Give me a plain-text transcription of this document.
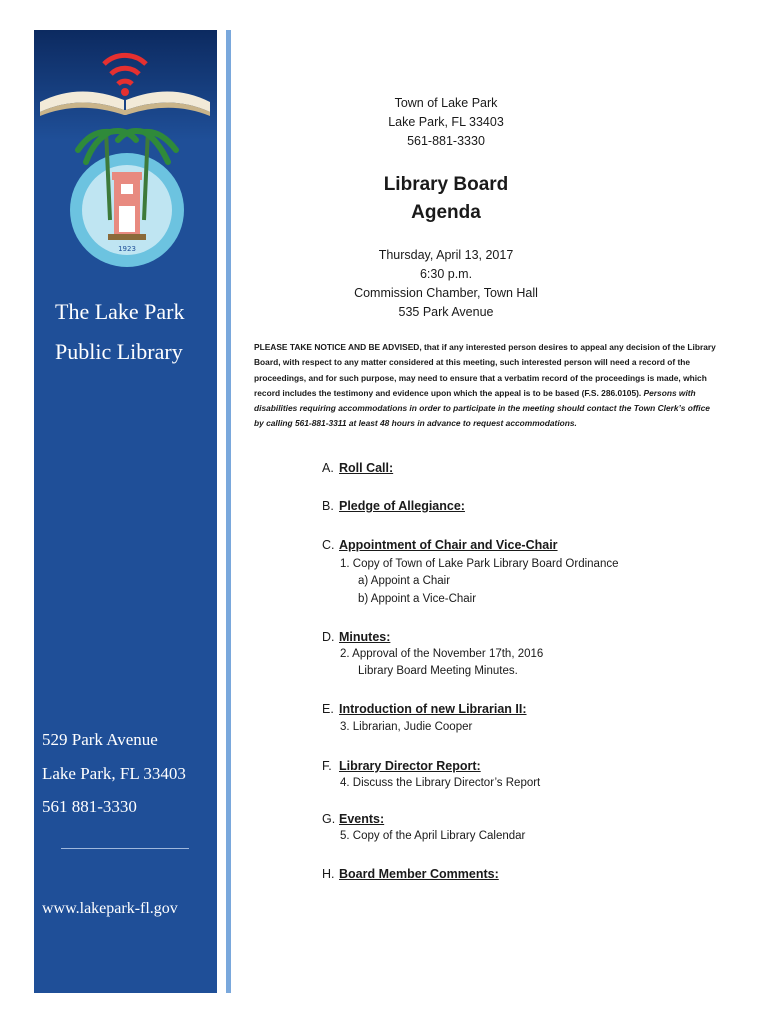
1923
The Lake Park
Public Library
529 Park Avenue
Lake Park, FL 33403
561 881-3330
www.lakepark-fl.gov
Town of Lake Park
Lake Park, FL 33403
561-881-3330
Library Board
Agenda
Thursday, April 13, 2017
6:30 p.m.
Commission Chamber, Town Hall
535 Park Avenue
PLEASE TAKE NOTICE AND BE ADVISED, that if any interested person desires to appeal any decision of the Library Board, with respect to any matter considered at this meeting, such interested person will need a record of the proceedings, and for such purpose, may need to ensure that a verbatim record of the proceedings is made, which record includes the testimony and evidence upon which the appeal is to be based (F.S. 286.0105). Persons with disabilities requiring accommodations in order to participate in the meeting should contact the Town Clerk’s office by calling 561-881-3311 at least 48 hours in advance to request accommodations.
A. Roll Call:
B. Pledge of Allegiance:
C. Appointment of Chair and Vice-Chair
1. Copy of Town of Lake Park Library Board Ordinance
a) Appoint a Chair
b) Appoint a Vice-Chair
D. Minutes:
2. Approval of the November 17th, 2016
Library Board Meeting Minutes.
E. Introduction of new Librarian II:
3. Librarian, Judie Cooper
F. Library Director Report:
4. Discuss the Library Director’s Report
G. Events:
5. Copy of the April Library Calendar
H. Board Member Comments:
